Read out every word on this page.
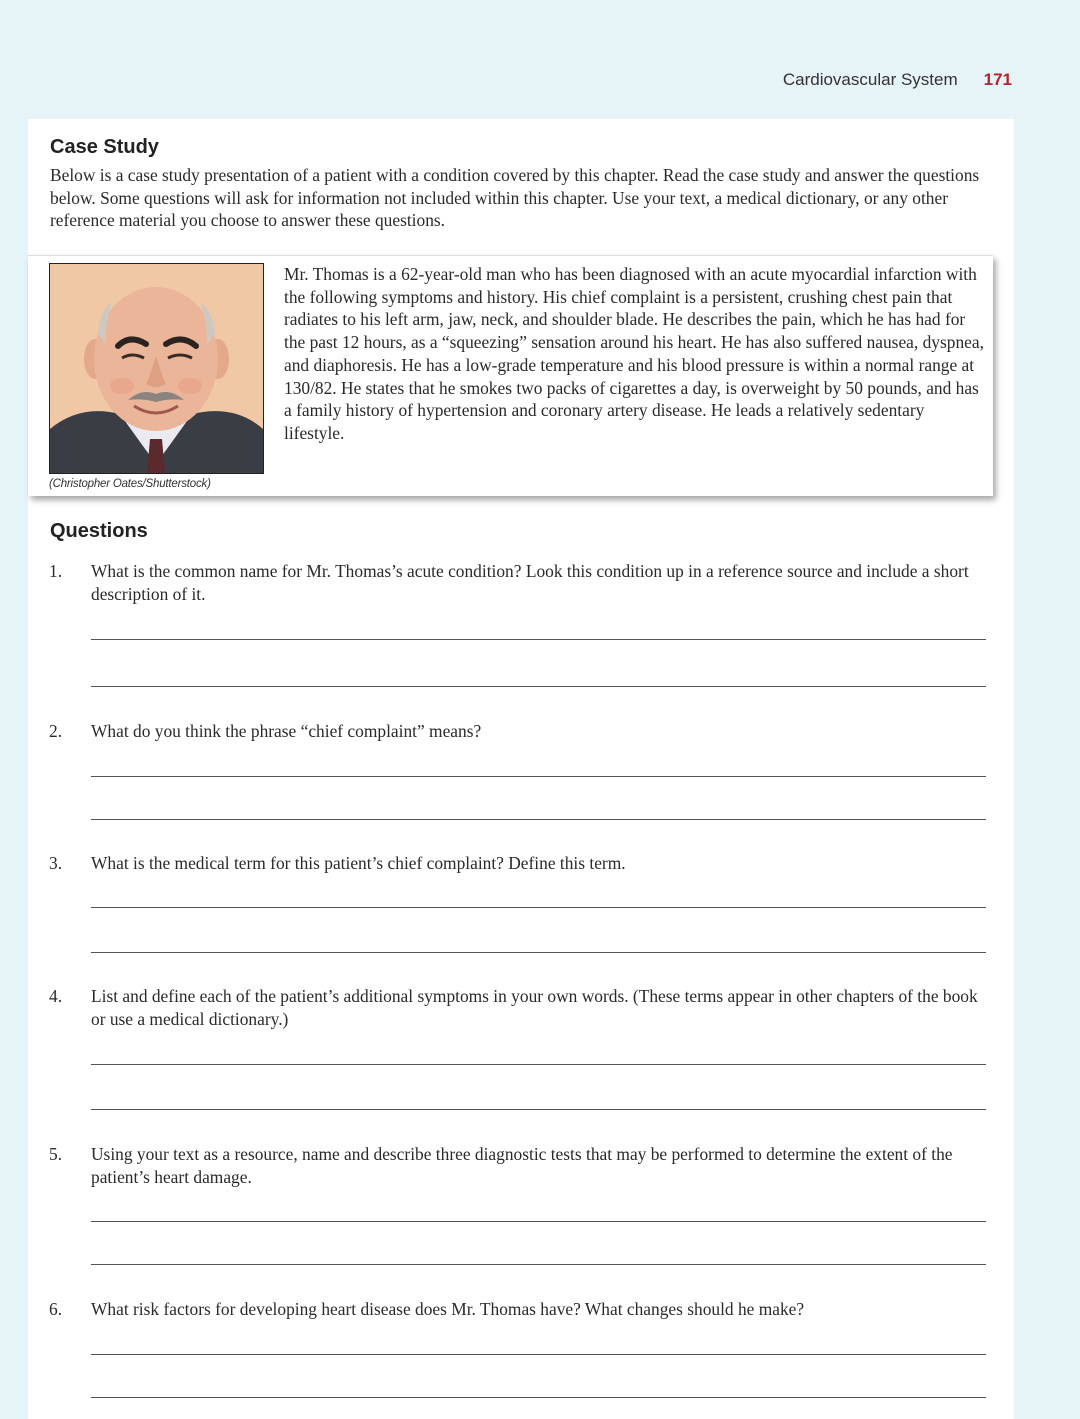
Cardiovascular System 171
Case Study

Below is a case study presentation of a patient with a condition covered by this chapter. Read the case study and answer the questions below. Some questions will ask for information not included within this chapter. Use your text, a medical dictionary, or any other reference material you choose to answer these questions.

(Christopher Oates/Shutterstock)

Mr. Thomas is a 62-year-old man who has been diagnosed with an acute myocardial infarction with the following symptoms and history. His chief complaint is a persistent, crushing chest pain that radiates to his left arm, jaw, neck, and shoulder blade. He describes the pain, which he has had for the past 12 hours, as a “squeezing” sensation around his heart. He has also suffered nausea, dyspnea, and diaphoresis. He has a low-grade temperature and his blood pressure is within a normal range at 130/82. He states that he smokes two packs of cigarettes a day, is overweight by 50 pounds, and has a family history of hypertension and coronary artery disease. He leads a relatively sedentary lifestyle.

Questions
1. What is the common name for Mr. Thomas’s acute condition? Look this condition up in a reference source and include a short description of it.

2. What do you think the phrase “chief complaint” means?

3. What is the medical term for this patient’s chief complaint? Define this term.

4. List and define each of the patient’s additional symptoms in your own words. (These terms appear in other chapters of the book or use a medical dictionary.)

5. Using your text as a resource, name and describe three diagnostic tests that may be performed to determine the extent of the patient’s heart damage.

6. What risk factors for developing heart disease does Mr. Thomas have? What changes should he make?
